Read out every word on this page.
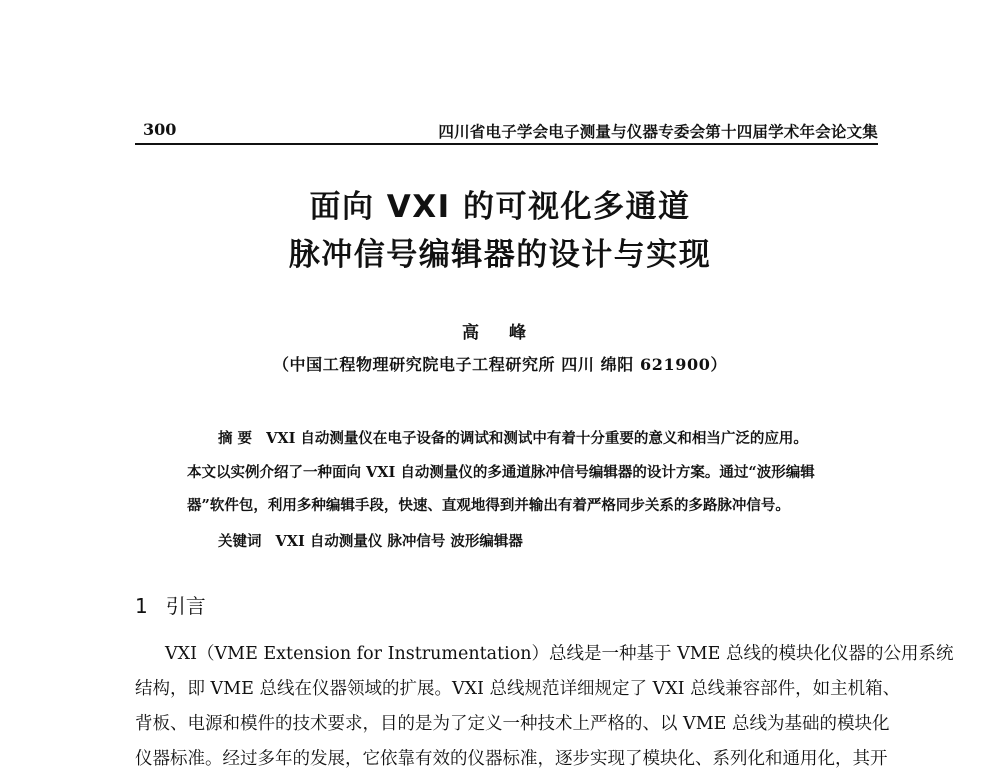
300	四川省电子学会电子测量与仪器专委会第十四届学术年会论文集
面向 VXI 的可视化多通道
脉冲信号编辑器的设计与实现
高 峰
（中国工程物理研究院电子工程研究所 四川 绵阳 621900）
摘 要 VXI 自动测量仪在电子设备的调试和测试中有着十分重要的意义和相当广泛的应用。
本文以实例介绍了一种面向 VXI 自动测量仪的多通道脉冲信号编辑器的设计方案。通过“波形编辑
器”软件包，利用多种编辑手段，快速、直观地得到并输出有着严格同步关系的多路脉冲信号。
关键词 VXI 自动测量仪 脉冲信号 波形编辑器
1 引言
VXI（VME Extension for Instrumentation）总线是一种基于 VME 总线的模块化仪器的公用系统
结构，即 VME 总线在仪器领域的扩展。VXI 总线规范详细规定了 VXI 总线兼容部件，如主机箱、
背板、电源和模件的技术要求，目的是为了定义一种技术上严格的、以 VME 总线为基础的模块化
仪器标准。经过多年的发展，它依靠有效的仪器标准，逐步实现了模块化、系列化和通用化，其开
